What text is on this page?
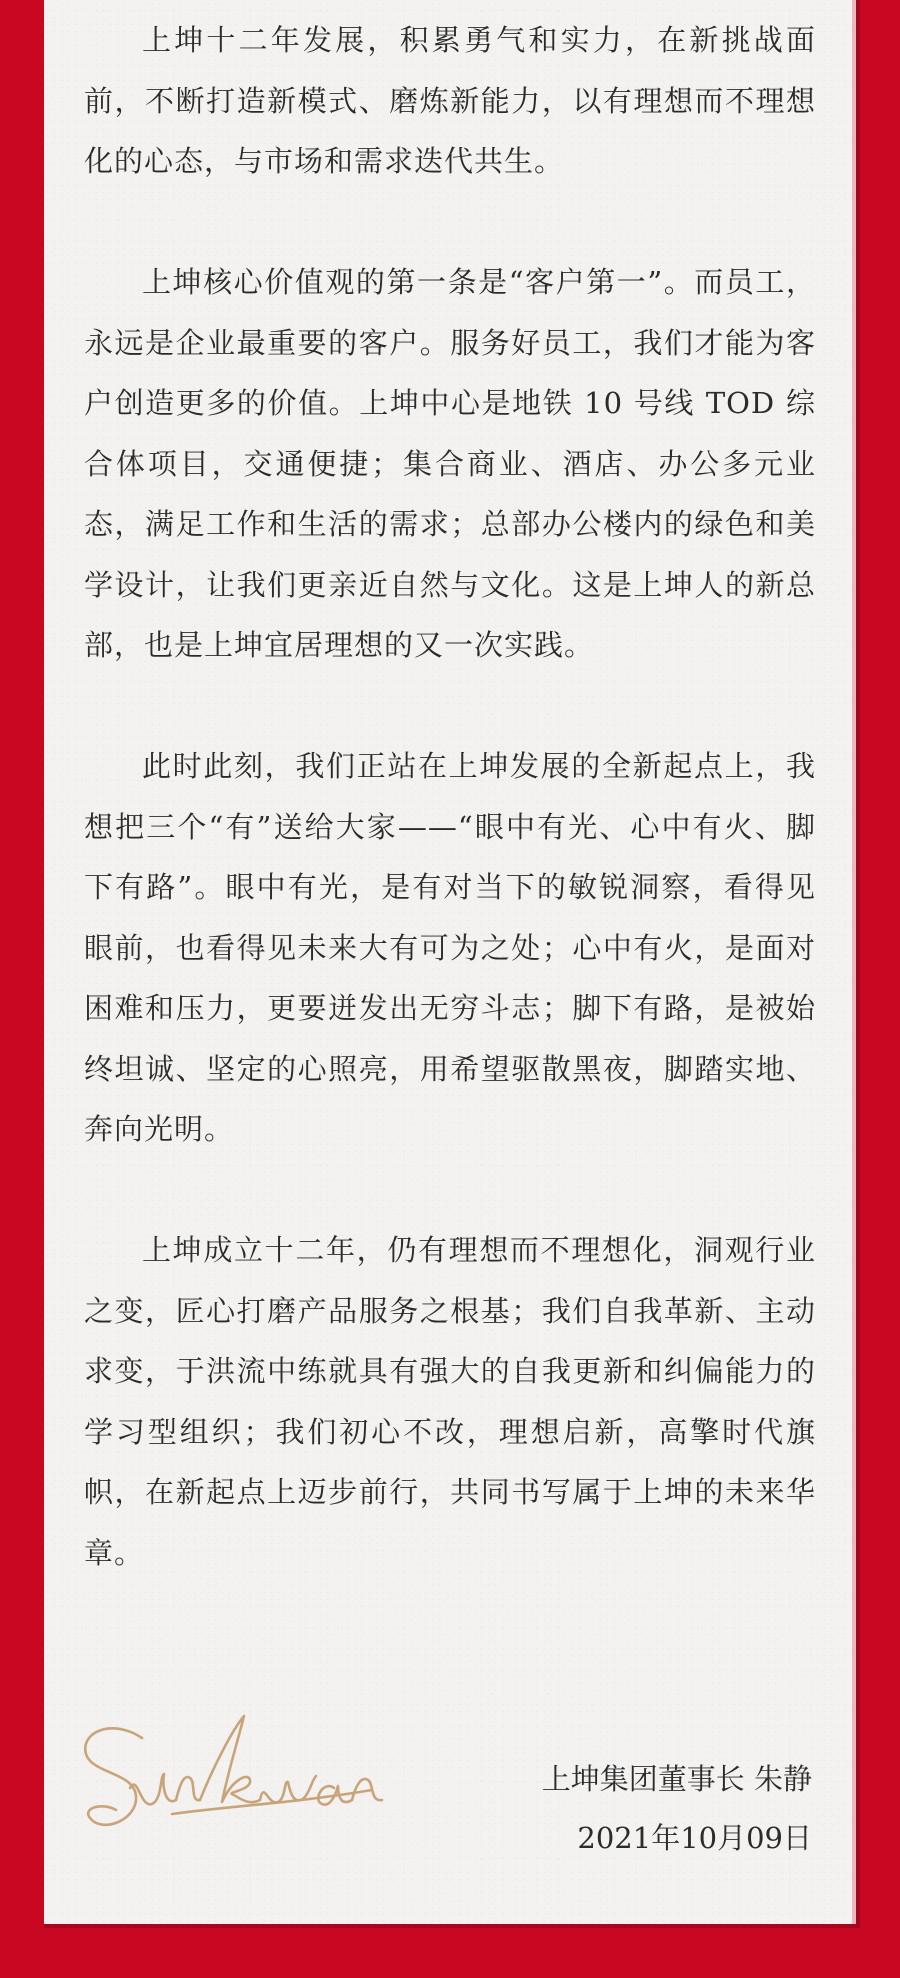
上坤十二年发展，积累勇气和实力，在新挑战面前，不断打造新模式、磨炼新能力，以有理想而不理想化的心态，与市场和需求迭代共生。

上坤核心价值观的第一条是“客户第一”。而员工，永远是企业最重要的客户。服务好员工，我们才能为客户创造更多的价值。上坤中心是地铁 10 号线 TOD 综合体项目，交通便捷；集合商业、酒店、办公多元业态，满足工作和生活的需求；总部办公楼内的绿色和美学设计，让我们更亲近自然与文化。这是上坤人的新总部，也是上坤宜居理想的又一次实践。

此时此刻，我们正站在上坤发展的全新起点上，我想把三个“有”送给大家——“眼中有光、心中有火、脚下有路”。眼中有光，是有对当下的敏锐洞察，看得见眼前，也看得见未来大有可为之处；心中有火，是面对困难和压力，更要迸发出无穷斗志；脚下有路，是被始终坦诚、坚定的心照亮，用希望驱散黑夜，脚踏实地、奔向光明。

上坤成立十二年，仍有理想而不理想化，洞观行业之变，匠心打磨产品服务之根基；我们自我革新、主动求变，于洪流中练就具有强大的自我更新和纠偏能力的学习型组织；我们初心不改，理想启新，高擎时代旗帜，在新起点上迈步前行，共同书写属于上坤的未来华章。

上坤集团董事长 朱静
2021年10月09日
